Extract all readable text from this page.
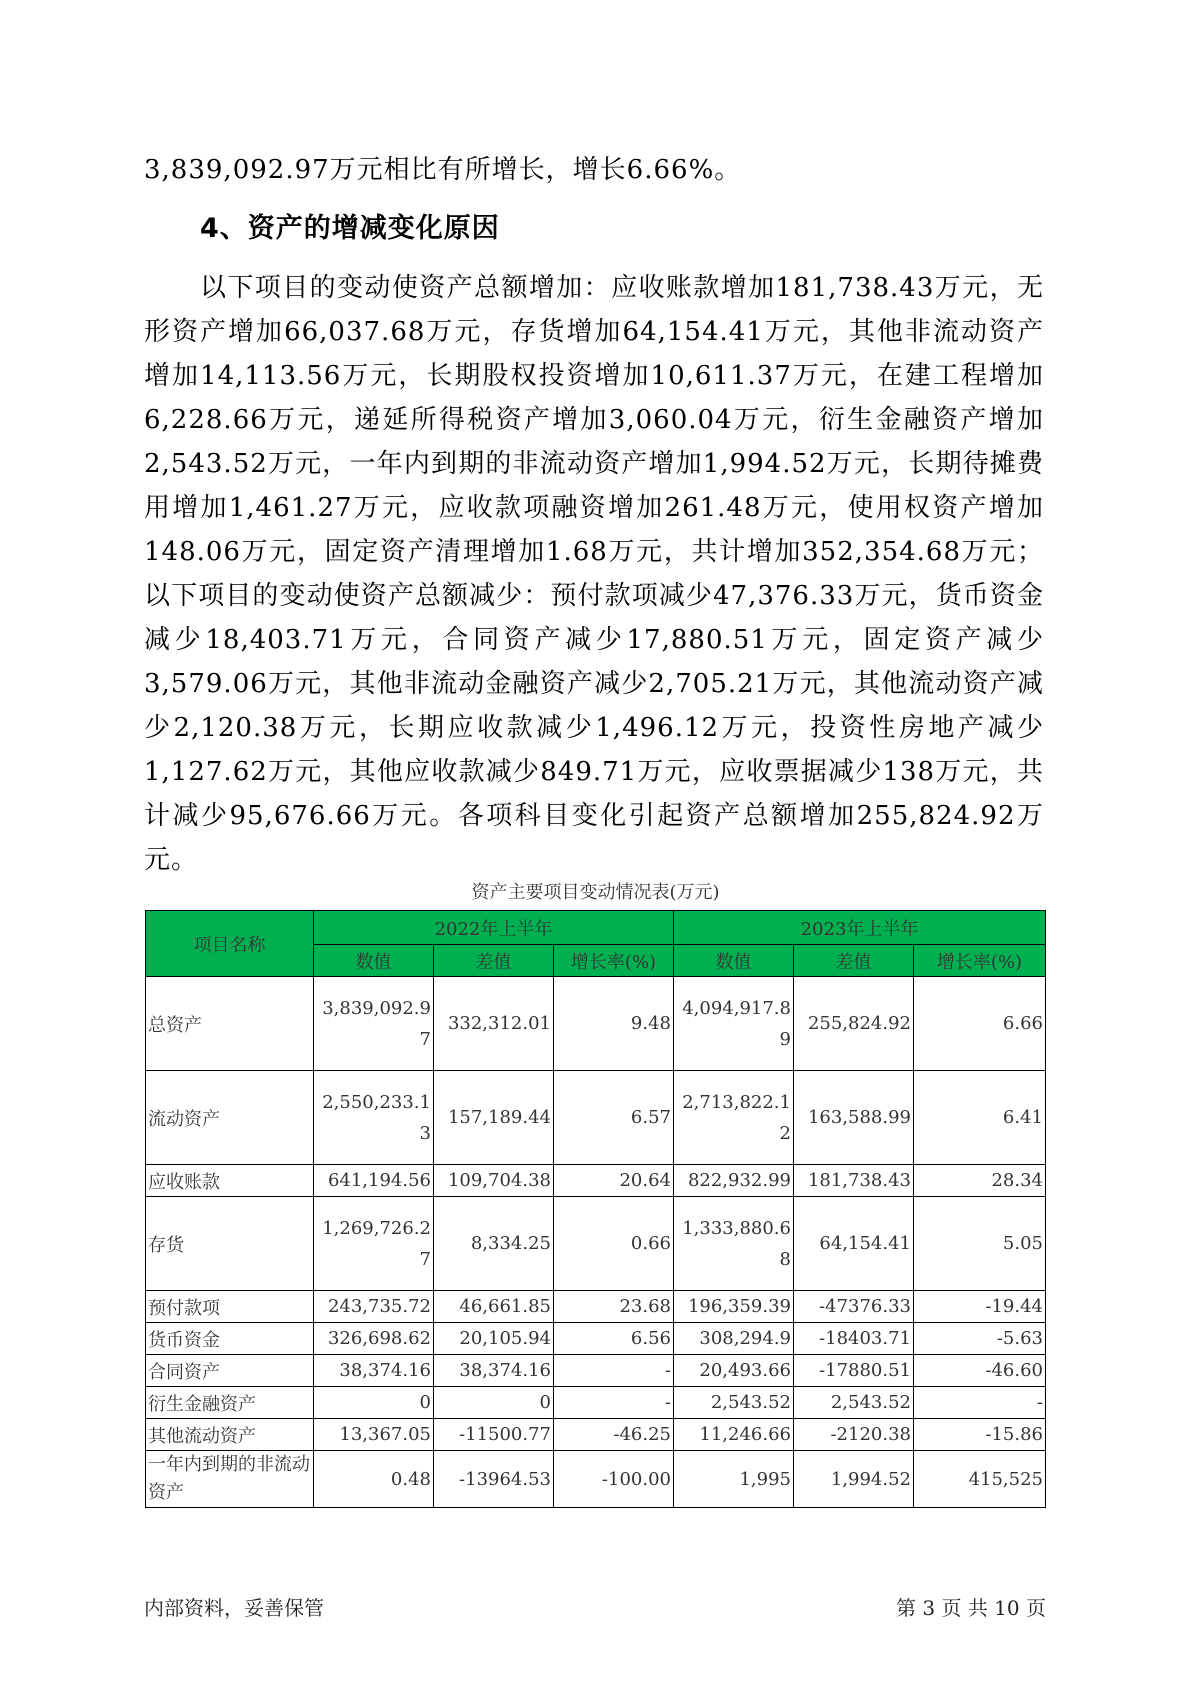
3,839,092.97万元相比有所增长，增长6.66%。
4、资产的增减变化原因
以下项目的变动使资产总额增加：应收账款增加181,738.43万元，无形资产增加66,037.68万元，存货增加64,154.41万元，其他非流动资产增加14,113.56万元，长期股权投资增加10,611.37万元，在建工程增加6,228.66万元，递延所得税资产增加3,060.04万元，衍生金融资产增加2,543.52万元，一年内到期的非流动资产增加1,994.52万元，长期待摊费用增加1,461.27万元，应收款项融资增加261.48万元，使用权资产增加148.06万元，固定资产清理增加1.68万元，共计增加352,354.68万元；以下项目的变动使资产总额减少：预付款项减少47,376.33万元，货币资金减少18,403.71万元，合同资产减少17,880.51万元，固定资产减少3,579.06万元，其他非流动金融资产减少2,705.21万元，其他流动资产减少2,120.38万元，长期应收款减少1,496.12万元，投资性房地产减少1,127.62万元，其他应收款减少849.71万元，应收票据减少138万元，共计减少95,676.66万元。各项科目变化引起资产总额增加255,824.92万元。
资产主要项目变动情况表(万元)
项目名称	2022年上半年			2023年上半年		
	数值	差值	增长率(%)	数值	差值	增长率(%)
总资产	3,839,092.97	332,312.01	9.48	4,094,917.89	255,824.92	6.66
流动资产	2,550,233.13	157,189.44	6.57	2,713,822.12	163,588.99	6.41
应收账款	641,194.56	109,704.38	20.64	822,932.99	181,738.43	28.34
存货	1,269,726.27	8,334.25	0.66	1,333,880.68	64,154.41	5.05
预付款项	243,735.72	46,661.85	23.68	196,359.39	-47376.33	-19.44
货币资金	326,698.62	20,105.94	6.56	308,294.9	-18403.71	-5.63
合同资产	38,374.16	38,374.16	-	20,493.66	-17880.51	-46.60
衍生金融资产	0	0	-	2,543.52	2,543.52	-
其他流动资产	13,367.05	-11500.77	-46.25	11,246.66	-2120.38	-15.86
一年内到期的非流动资产	0.48	-13964.53	-100.00	1,995	1,994.52	415,525
内部资料，妥善保管	第 3 页 共 10 页
